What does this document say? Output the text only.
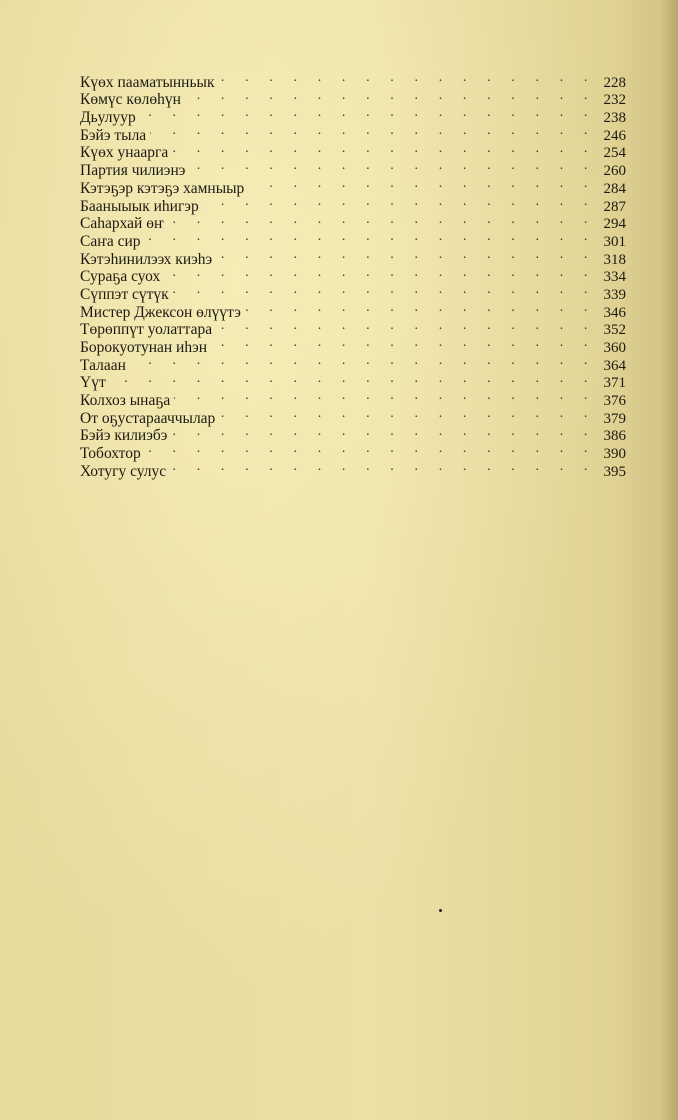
Күөх пааматынньык . . .	228
Көмүс көлөһүн . . .	232
Дьулуур . . .	238
Бэйэ тыла . . .	246
Күөх унаарга . . .	254
Партия чилиэнэ . . .	260
Кэтэҕэр кэтэҕэ хамныыр . . .	284
Бааныыык иһигэр . . .	287
Саһархай өҥ . . .	294
Саҥа сир . . .	301
Кэтэһинилээх киэһэ . . .	318
Сураҕа суох . . .	334
Сүппэт сүтүк . . .	339
Мистер Джексон өлүүтэ . . .	346
Төрөппүт уолаттара . . .	352
Борокуотунан иһэн . . .	360
Талаан . . .	364
Үүт . . .	371
Колхоз ынаҕа . . .	376
От оҕустарааччылар . . .	379
Бэйэ килиэбэ . . .	386
Тобохтор . . .	390
Хотугу сулус . . .	395
